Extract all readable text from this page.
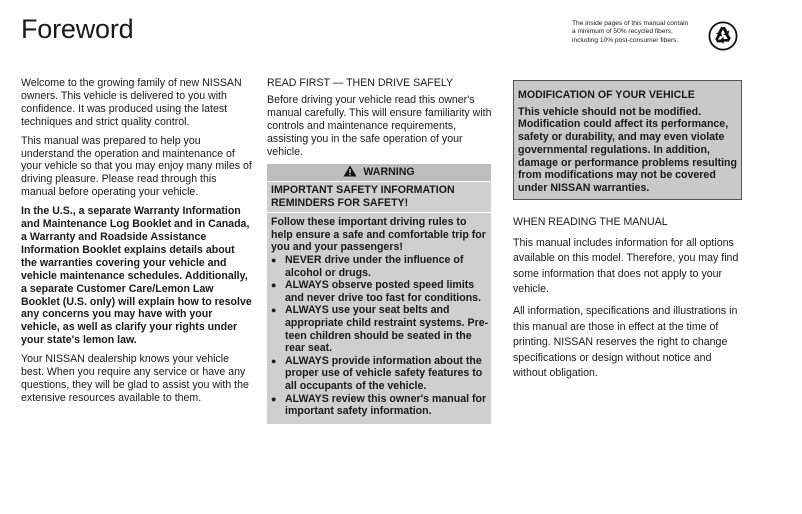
Foreword	The inside pages of this manual contain
a minimum of 50% recycled fibers,
including 10% post-consumer fibers.

Welcome to the growing family of new NISSAN owners. This vehicle is delivered to you with confidence. It was produced using the latest techniques and strict quality control.

This manual was prepared to help you understand the operation and maintenance of your vehicle so that you may enjoy many miles of driving pleasure. Please read through this manual before operating your vehicle.

In the U.S., a separate Warranty Information and Maintenance Log Booklet and in Canada, a Warranty and Roadside Assistance Information Booklet explains details about the warranties covering your vehicle and vehicle maintenance schedules. Additionally, a separate Customer Care/Lemon Law Booklet (U.S. only) will explain how to resolve any concerns you may have with your vehicle, as well as clarify your rights under your state's lemon law.

Your NISSAN dealership knows your vehicle best. When you require any service or have any questions, they will be glad to assist you with the extensive resources available to them.

READ FIRST — THEN DRIVE SAFELY

Before driving your vehicle read this owner's manual carefully. This will ensure familiarity with controls and maintenance requirements, assisting you in the safe operation of your vehicle.

WARNING
IMPORTANT SAFETY INFORMATION REMINDERS FOR SAFETY!
Follow these important driving rules to help ensure a safe and comfortable trip for you and your passengers!
● NEVER drive under the influence of alcohol or drugs.
● ALWAYS observe posted speed limits and never drive too fast for conditions.
● ALWAYS use your seat belts and appropriate child restraint systems. Pre-teen children should be seated in the rear seat.
● ALWAYS provide information about the proper use of vehicle safety features to all occupants of the vehicle.
● ALWAYS review this owner's manual for important safety information.
MODIFICATION OF YOUR VEHICLE
This vehicle should not be modified. Modification could affect its performance, safety or durability, and may even violate governmental regulations. In addition, damage or performance problems resulting from modifications may not be covered under NISSAN warranties.
WHEN READING THE MANUAL

This manual includes information for all options available on this model. Therefore, you may find some information that does not apply to your vehicle.

All information, specifications and illustrations in this manual are those in effect at the time of printing. NISSAN reserves the right to change specifications or design without notice and without obligation.
